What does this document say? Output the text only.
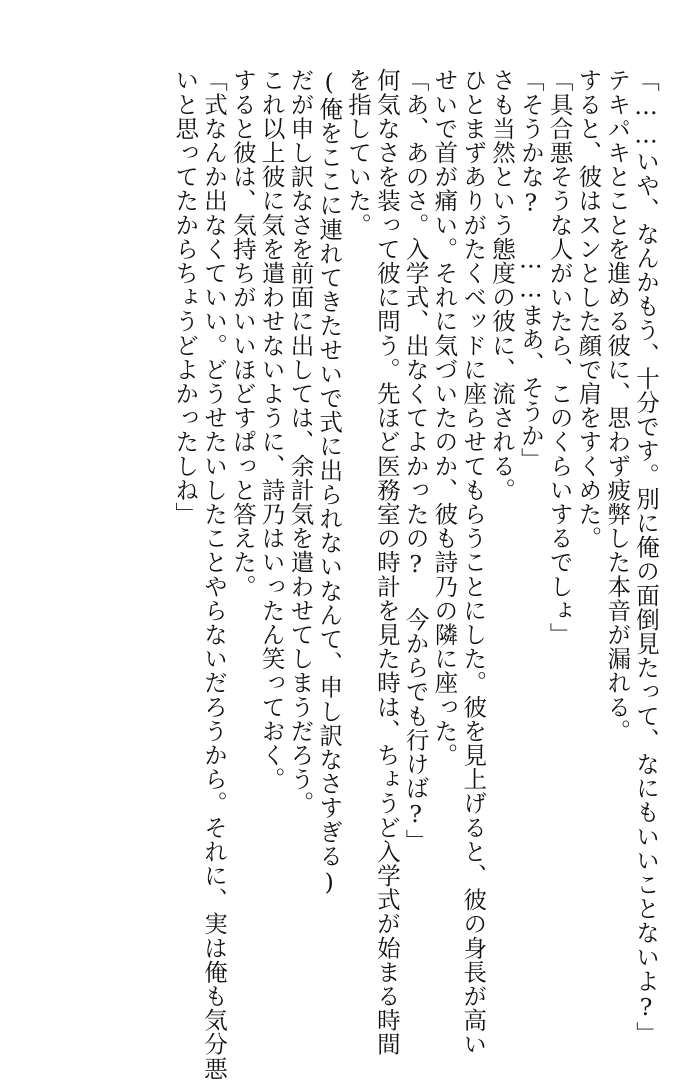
「……いや、なんかもう、十分です。別に俺の面倒見たって、なにもいいことないよ?」

テキパキとことを進める彼に、思わず疲弊した本音が漏れる。

すると、彼はスンとした顔で肩をすくめた。

「具合悪そうな人がいたら、このくらいするでしょ」

「そうかな? ……まあ、そうか」

さも当然という態度の彼に、流される。

ひとまずありがたくベッドに座らせてもらうことにした。彼を見上げると、彼の身長が高い

せいで首が痛い。それに気づいたのか、彼も詩乃の隣に座った。

「あ、あのさ。入学式、出なくてよかったの? 今からでも行けば?」

何気なさを装って彼に問う。先ほど医務室の時計を見た時は、ちょうど入学式が始まる時間

を指していた。

(俺をここに連れてきたせいで式に出られないなんて、申し訳なさすぎる)

だが申し訳なさを前面に出しては、余計気を遣わせてしまうだろう。

これ以上彼に気を遣わせないように、詩乃はいったん笑っておく。

すると彼は、気持ちがいいほどすぱっと答えた。

「式なんか出なくていい。どうせたいしたことやらないだろうから。それに、実は俺も気分悪

いと思ってたからちょうどよかったしね」
